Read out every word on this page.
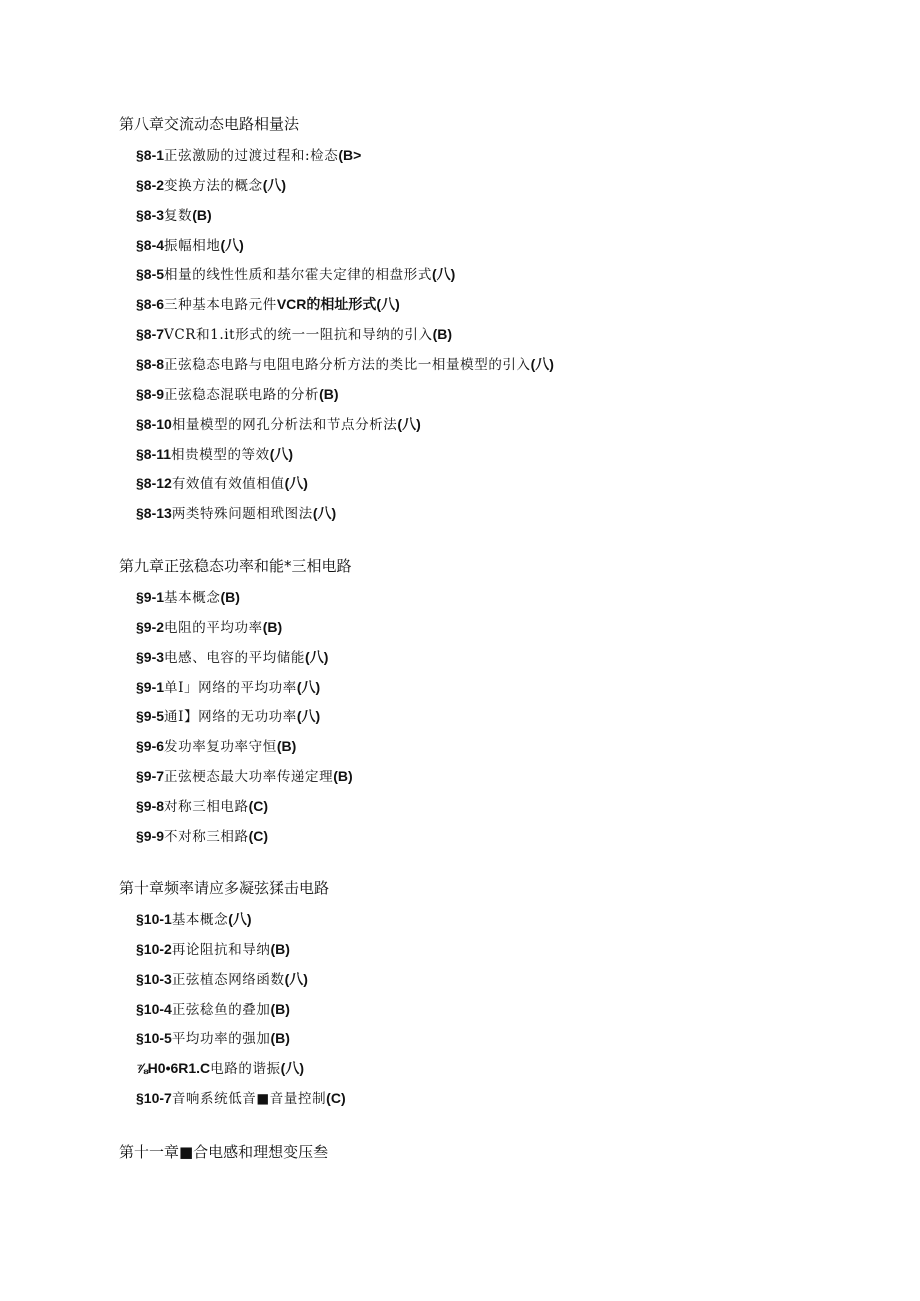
第八章交流动态电路相量法
§8-1正弦激励的过渡过程和:检态(B>
§8-2变换方法的概念(八)
§8-3复数(B)
§8-4振幅相地(八)
§8-5相量的线性性质和基尔霍夫定律的相盘形式(八)
§8-6三种基本电路元件VCR的相址形式(八)
§8-7VCR和1.it形式的统一一阻抗和导纳的引入(B)
§8-8正弦稳态电路与电阻电路分析方法的类比一相量模型的引入(八)
§8-9正弦稳态混联电路的分析(B)
§8-10相量模型的网孔分析法和节点分析法(八)
§8-11相贵模型的等效(八)
§8-12有效值有效值相值(八)
§8-13两类特殊问题相玳图法(八)
第九章正弦稳态功率和能*三相电路
§9-1基本概念(B)
§9-2电阻的平均功率(B)
§9-3电感、电容的平均储能(八)
§9-1单I」网络的平均功率(八)
§9-5通I】网络的无功功率(八)
§9-6发功率复功率守恒(B)
§9-7正弦梗态最大功率传递定理(B)
§9-8对称三相电路(C)
§9-9不对称三相路(C)
第十章频率请应多凝弦猱击电路
§10-1基本概念(八)
§10-2再论阻抗和导纳(B)
§10-3正弦植态网络函数(八)
§10-4正弦稔鱼的叠加(B)
§10-5平均功率的强加(B)
⅞H0•6R1.C电路的谐振(八)
§10-7音响系统低音■音量控制(C)
第十一章■合电感和理想变压叁
